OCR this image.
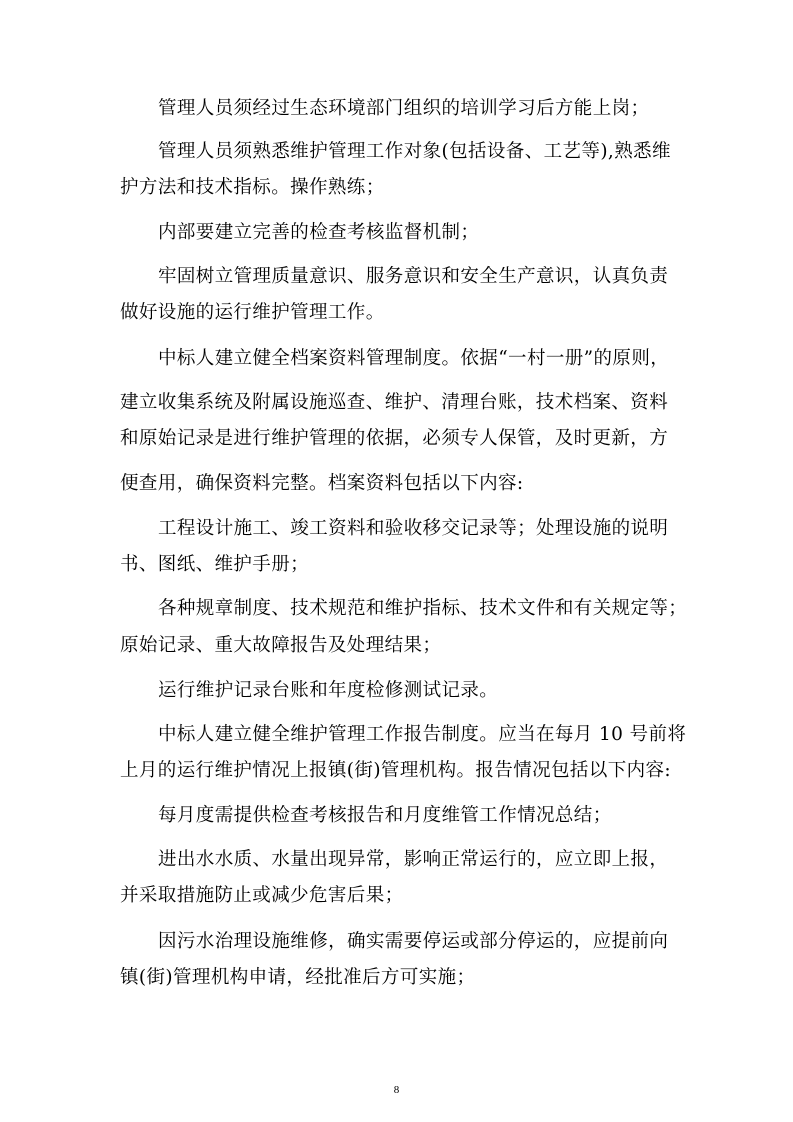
管理人员须经过生态环境部门组织的培训学习后方能上岗；
管理人员须熟悉维护管理工作对象(包括设备、工艺等),熟悉维
护方法和技术指标。操作熟练；
内部要建立完善的检查考核监督机制；
牢固树立管理质量意识、服务意识和安全生产意识，认真负责
做好设施的运行维护管理工作。
中标人建立健全档案资料管理制度。依据“一村一册”的原则，
建立收集系统及附属设施巡查、维护、清理台账，技术档案、资料
和原始记录是进行维护管理的依据，必须专人保管，及时更新，方
便查用，确保资料完整。档案资料包括以下内容:
工程设计施工、竣工资料和验收移交记录等；处理设施的说明
书、图纸、维护手册；
各种规章制度、技术规范和维护指标、技术文件和有关规定等；
原始记录、重大故障报告及处理结果；
运行维护记录台账和年度检修测试记录。
中标人建立健全维护管理工作报告制度。应当在每月 10 号前将
上月的运行维护情况上报镇(街)管理机构。报告情况包括以下内容:
每月度需提供检查考核报告和月度维管工作情况总结；
进出水水质、水量出现异常，影响正常运行的，应立即上报，
并采取措施防止或减少危害后果；
因污水治理设施维修，确实需要停运或部分停运的，应提前向
镇(街)管理机构申请，经批准后方可实施；
8
